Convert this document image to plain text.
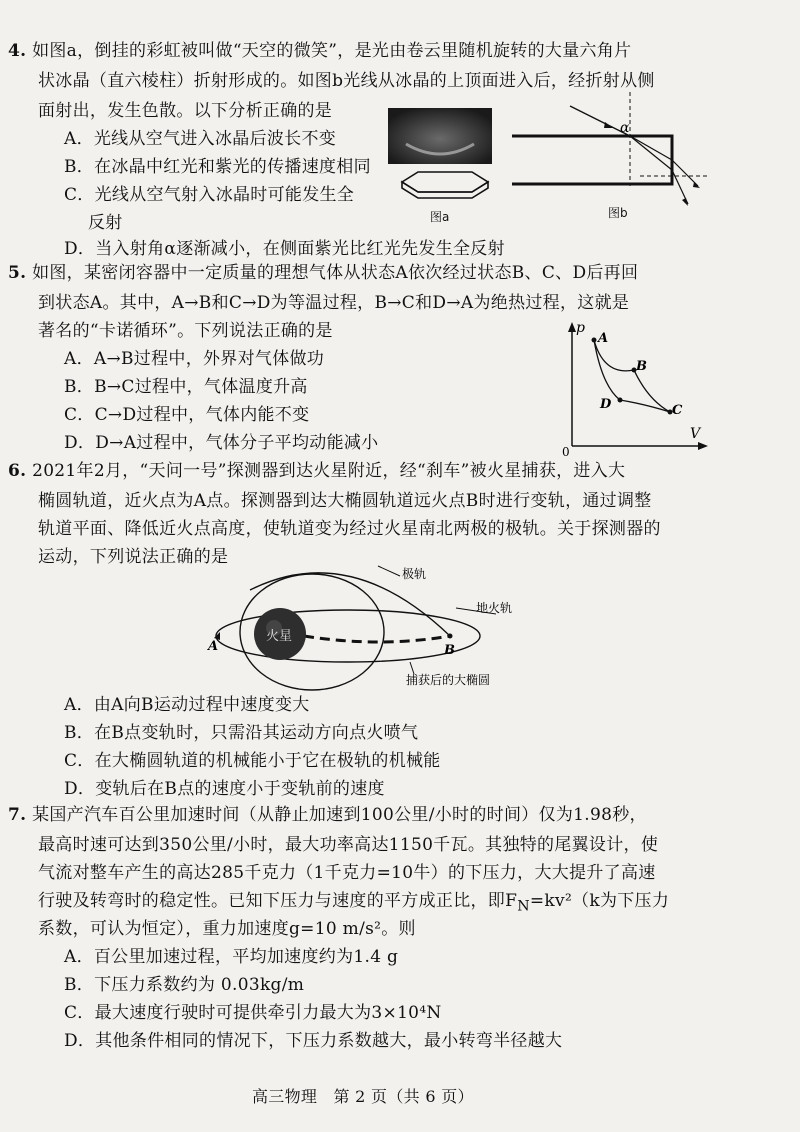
4. 如图a，倒挂的彩虹被叫做“天空的微笑”，是光由卷云里随机旋转的大量六角片
状冰晶（直六棱柱）折射形成的。如图b光线从冰晶的上顶面进入后，经折射从侧
面射出，发生色散。以下分析正确的是
A．光线从空气进入冰晶后波长不变
B．在冰晶中红光和紫光的传播速度相同
C．光线从空气射入冰晶时可能发生全
反射
D．当入射角α逐渐减小，在侧面紫光比红光先发生全反射
图a
α
图b
5. 如图，某密闭容器中一定质量的理想气体从状态A依次经过状态B、C、D后再回
到状态A。其中，A→B和C→D为等温过程，B→C和D→A为绝热过程，这就是
著名的“卡诺循环”。下列说法正确的是
A．A→B过程中，外界对气体做功
B．B→C过程中，气体温度升高
C．C→D过程中，气体内能不变
D．D→A过程中，气体分子平均动能减小
p
V
0
A
B
C
D
6. 2021年2月，“天问一号”探测器到达火星附近，经“刹车”被火星捕获，进入大
椭圆轨道，近火点为A点。探测器到达大椭圆轨道远火点B时进行变轨，通过调整
轨道平面、降低近火点高度，使轨道变为经过火星南北两极的极轨。关于探测器的
运动，下列说法正确的是
火星
极轨
地火轨
捕获后的大椭圆
A	B
A．由A向B运动过程中速度变大
B．在B点变轨时，只需沿其运动方向点火喷气
C．在大椭圆轨道的机械能小于它在极轨的机械能
D．变轨后在B点的速度小于变轨前的速度
7. 某国产汽车百公里加速时间（从静止加速到100公里/小时的时间）仅为1.98秒，
最高时速可达到350公里/小时，最大功率高达1150千瓦。其独特的尾翼设计，使
气流对整车产生的高达285千克力（1千克力=10牛）的下压力，大大提升了高速
行驶及转弯时的稳定性。已知下压力与速度的平方成正比，即$F_N=kv^2(k$为下压力
系数，可认为恒定），重力加速度g=10 m/s²。则
A．百公里加速过程，平均加速度约为1.4 g
B．下压力系数约为 0.03kg/m
C．最大速度行驶时可提供牵引力最大为3×10⁴N
D．其他条件相同的情况下，下压力系数越大，最小转弯半径越大
高三物理　第 2 页（共 6 页）
